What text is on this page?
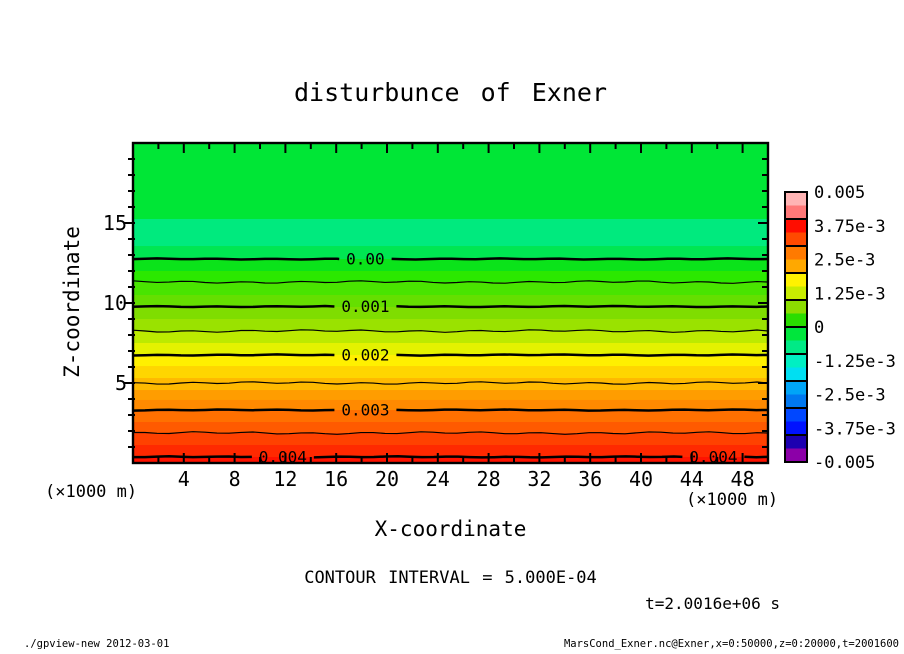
0.00
0.001
0.002
0.003
0.004	0.004
4 8 12 16 20 24 28 32 36 40 44 48
5
10
15
0.005
3.75e-3
2.5e-3
1.25e-3
0
-1.25e-3
-2.5e-3
-3.75e-3
-0.005
disturbunce of Exner
Z-coordinate
(×1000 m)	(×1000 m)
X-coordinate
CONTOUR INTERVAL = 5.000E-04
t=2.0016e+06 s
./gpview-new 2012-03-01	MarsCond_Exner.nc@Exner,x=0:50000,z=0:20000,t=2001600
